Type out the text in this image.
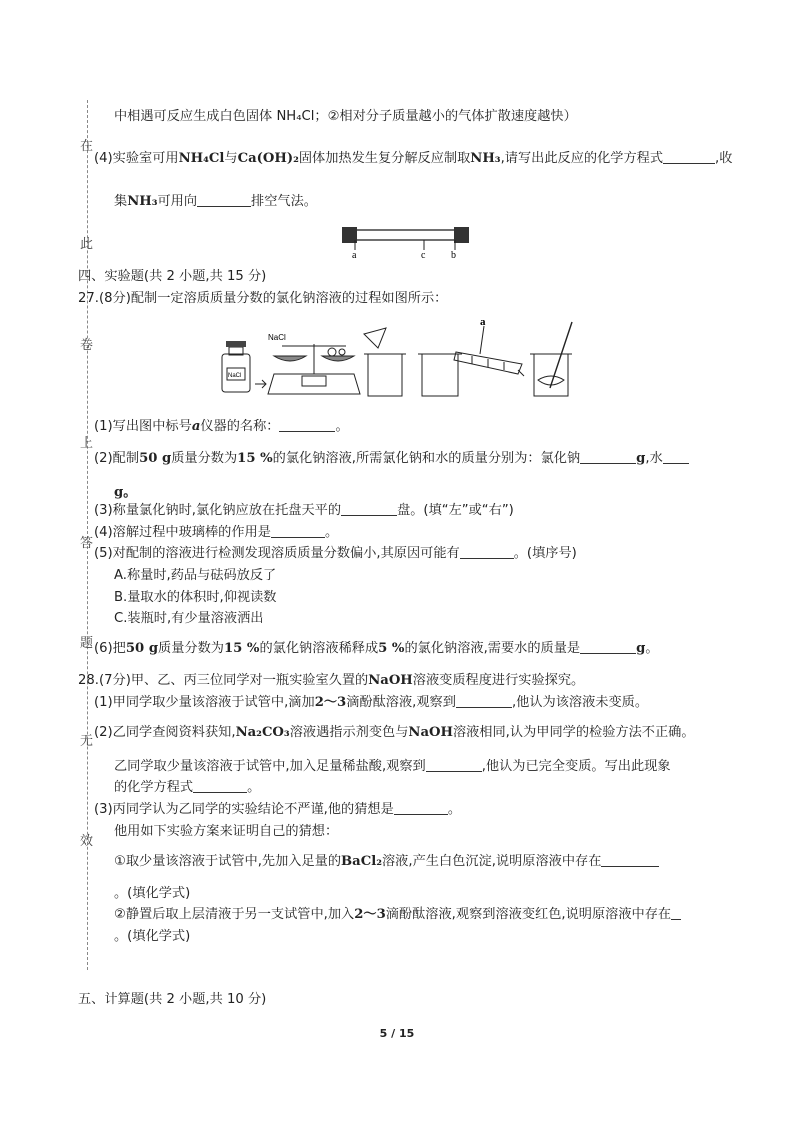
在
此
卷
上
答
题
无
效
中相遇可反应生成白色固体 NH₄Cl；②相对分子质量越小的气体扩散速度越快）
(4)实验室可用NH₄Cl与Ca(OH)₂固体加热发生复分解反应制取NH₃,请写出此反应的化学方程式	,收
集NH₃可用向	排空气法。
a	c	b
四、实验题(共 2 小题,共 15 分)
27.(8分)配制一定溶质质量分数的氯化钠溶液的过程如图所示：
NaCl
NaCl
a
(1)写出图中标号a仪器的名称：	。
(2)配制50 g质量分数为15 %的氯化钠溶液,所需氯化钠和水的质量分别为：氯化钠	g,水
g。
(3)称量氯化钠时,氯化钠应放在托盘天平的	盘。(填“左”或“右”)
(4)溶解过程中玻璃棒的作用是	。
(5)对配制的溶液进行检测发现溶质质量分数偏小,其原因可能有	。(填序号)
A.称量时,药品与砝码放反了
B.量取水的体积时,仰视读数
C.装瓶时,有少量溶液洒出
(6)把50 g质量分数为15 %的氯化钠溶液稀释成5 %的氯化钠溶液,需要水的质量是	g。
28.(7分)甲、乙、丙三位同学对一瓶实验室久置的NaOH溶液变质程度进行实验探究。
(1)甲同学取少量该溶液于试管中,滴加2～3滴酚酞溶液,观察到	,他认为该溶液未变质。
(2)乙同学查阅资料获知,Na₂CO₃溶液遇指示剂变色与NaOH溶液相同,认为甲同学的检验方法不正确。
乙同学取少量该溶液于试管中,加入足量稀盐酸,观察到	,他认为已完全变质。写出此现象
的化学方程式	。
(3)丙同学认为乙同学的实验结论不严谨,他的猜想是	。
他用如下实验方案来证明自己的猜想：
①取少量该溶液于试管中,先加入足量的BaCl₂溶液,产生白色沉淀,说明原溶液中存在
。(填化学式)
②静置后取上层清液于另一支试管中,加入2～3滴酚酞溶液,观察到溶液变红色,说明原溶液中存在
。(填化学式)
五、计算题(共 2 小题,共 10 分)
5 / 15
